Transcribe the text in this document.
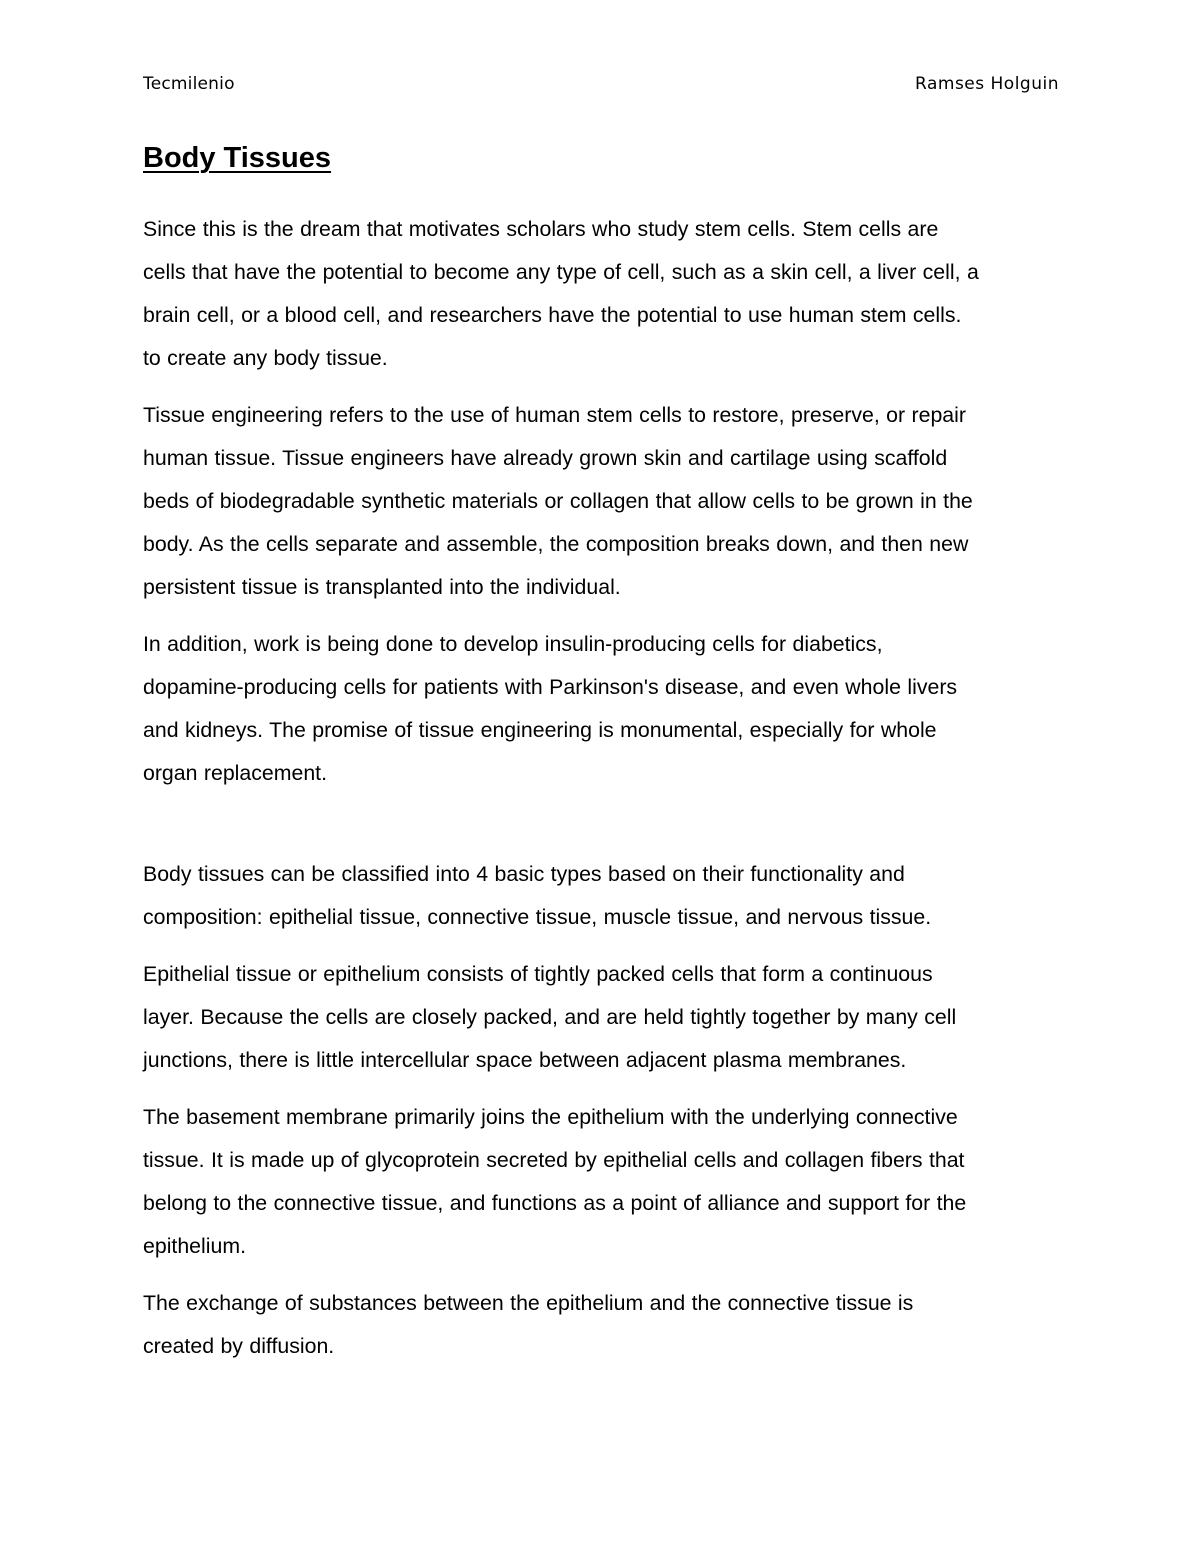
Tecmilenio	Ramses Holguin
Body Tissues

Since this is the dream that motivates scholars who study stem cells. Stem cells are
cells that have the potential to become any type of cell, such as a skin cell, a liver cell, a
brain cell, or a blood cell, and researchers have the potential to use human stem cells.
to create any body tissue.

Tissue engineering refers to the use of human stem cells to restore, preserve, or repair
human tissue. Tissue engineers have already grown skin and cartilage using scaffold
beds of biodegradable synthetic materials or collagen that allow cells to be grown in the
body. As the cells separate and assemble, the composition breaks down, and then new
persistent tissue is transplanted into the individual.

In addition, work is being done to develop insulin-producing cells for diabetics,
dopamine-producing cells for patients with Parkinson's disease, and even whole livers
and kidneys. The promise of tissue engineering is monumental, especially for whole
organ replacement.

Body tissues can be classified into 4 basic types based on their functionality and
composition: epithelial tissue, connective tissue, muscle tissue, and nervous tissue.

Epithelial tissue or epithelium consists of tightly packed cells that form a continuous
layer. Because the cells are closely packed, and are held tightly together by many cell
junctions, there is little intercellular space between adjacent plasma membranes.

The basement membrane primarily joins the epithelium with the underlying connective
tissue. It is made up of glycoprotein secreted by epithelial cells and collagen fibers that
belong to the connective tissue, and functions as a point of alliance and support for the
epithelium.

The exchange of substances between the epithelium and the connective tissue is
created by diffusion.
